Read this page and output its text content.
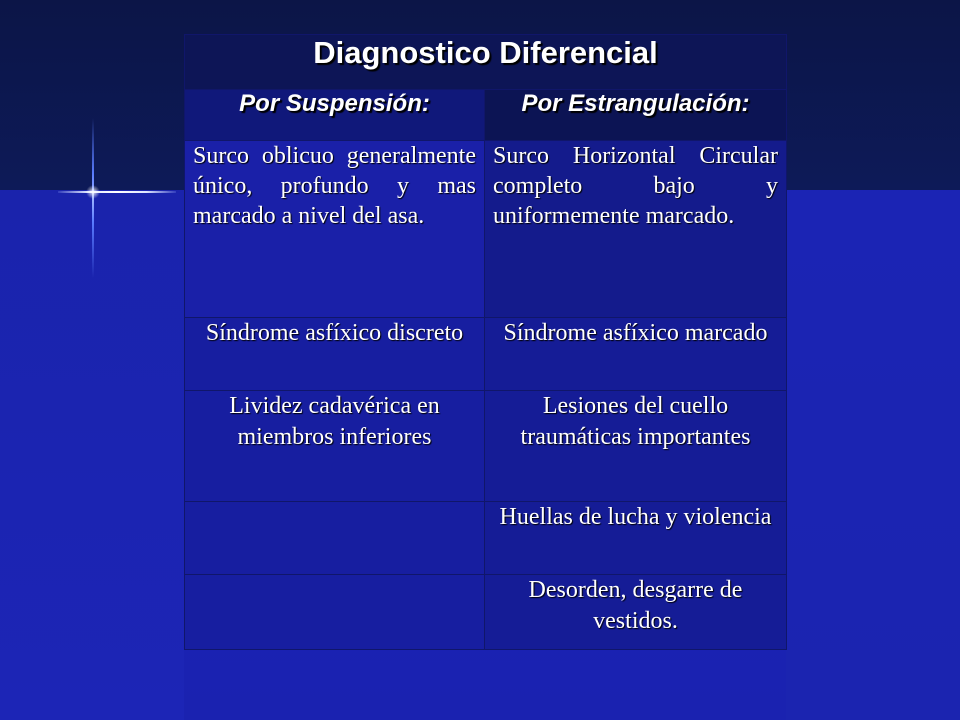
Diagnostico Diferencial	
Por Suspensión:	Por Estrangulación:
Surco oblicuo generalmente único, profundo y mas marcado a nivel del asa.	Surco Horizontal Circular completo bajo y uniformemente marcado.
Síndrome asfíxico discreto	Síndrome asfíxico marcado
Lividez cadavérica en miembros inferiores	Lesiones del cuello traumáticas importantes
	Huellas de lucha y violencia
	Desorden, desgarre de vestidos.
